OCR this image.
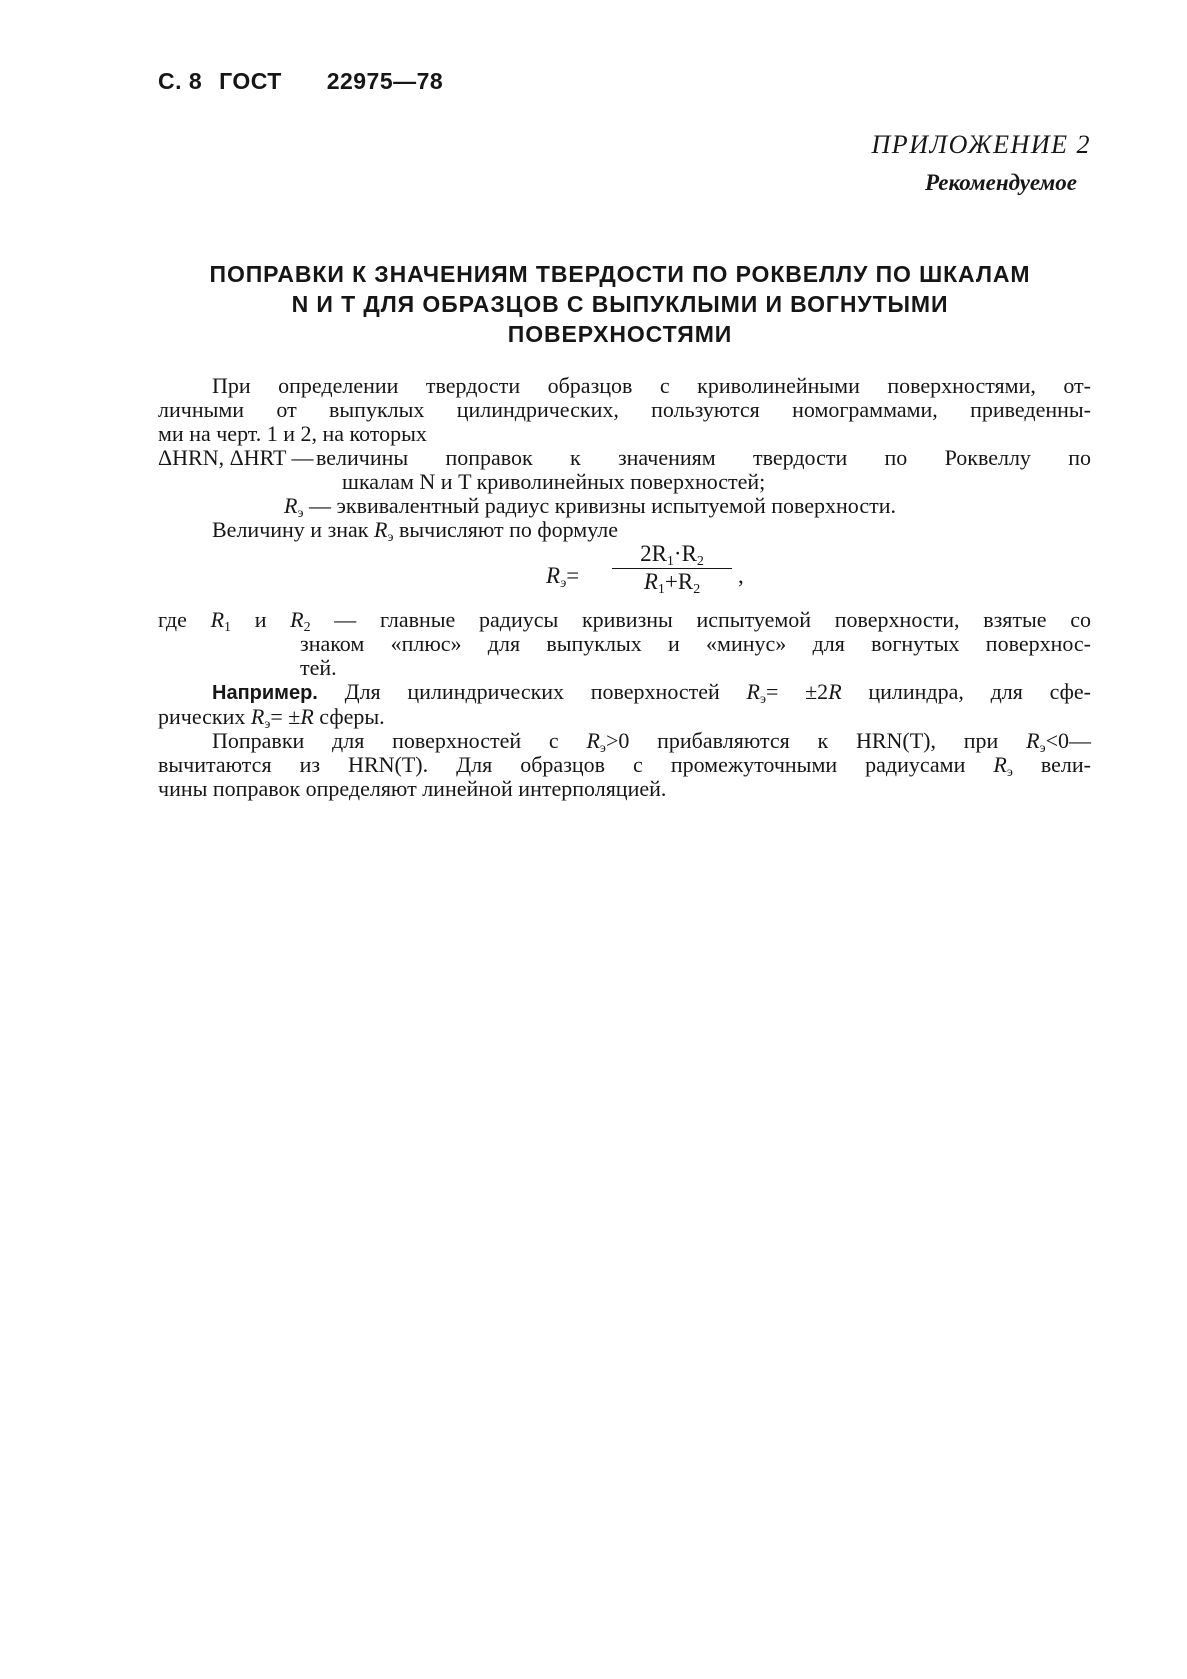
С. 8 ГОСТ 22975—78
ПРИЛОЖЕНИЕ 2
Рекомендуемое
ПОПРАВКИ К ЗНАЧЕНИЯМ ТВЕРДОСТИ ПО РОКВЕЛЛУ ПО ШКАЛАМ
N И T ДЛЯ ОБРАЗЦОВ С ВЫПУКЛЫМИ И ВОГНУТЫМИ
ПОВЕРХНОСТЯМИ
При определении твердости образцов с криволинейными поверхностями, от-
личными от выпуклых цилиндрических, пользуются номограммами, приведенны-
ми на черт. 1 и 2, на которых
ΔHRN, ΔHRT — величины поправок к значениям твердости по Роквеллу по
шкалам N и T криволинейных поверхностей;
$R_э$ — эквивалентный радиус кривизны испытуемой поверхности.
Величину и знак $R_э$ вычисляют по формуле
$R_э= \frac{2R_1\cdot R_2}{R_1+R_2}$ ,
где $R_1$ и $R_2$ — главные радиусы кривизны испытуемой поверхности, взятые со
знаком «плюс» для выпуклых и «минус» для вогнутых поверхнос-
тей.
Например. Для цилиндрических поверхностей $R_э= \pm 2R$ цилиндра, для сфе-
рических $R_э= \pm R$ сферы.
Поправки для поверхностей с $R_э>0$ прибавляются к HRN(T), при $R_э<0—$
вычитаются из HRN(T). Для образцов с промежуточными радиусами $R_э$ вели-
чины поправок определяют линейной интерполяцией.
